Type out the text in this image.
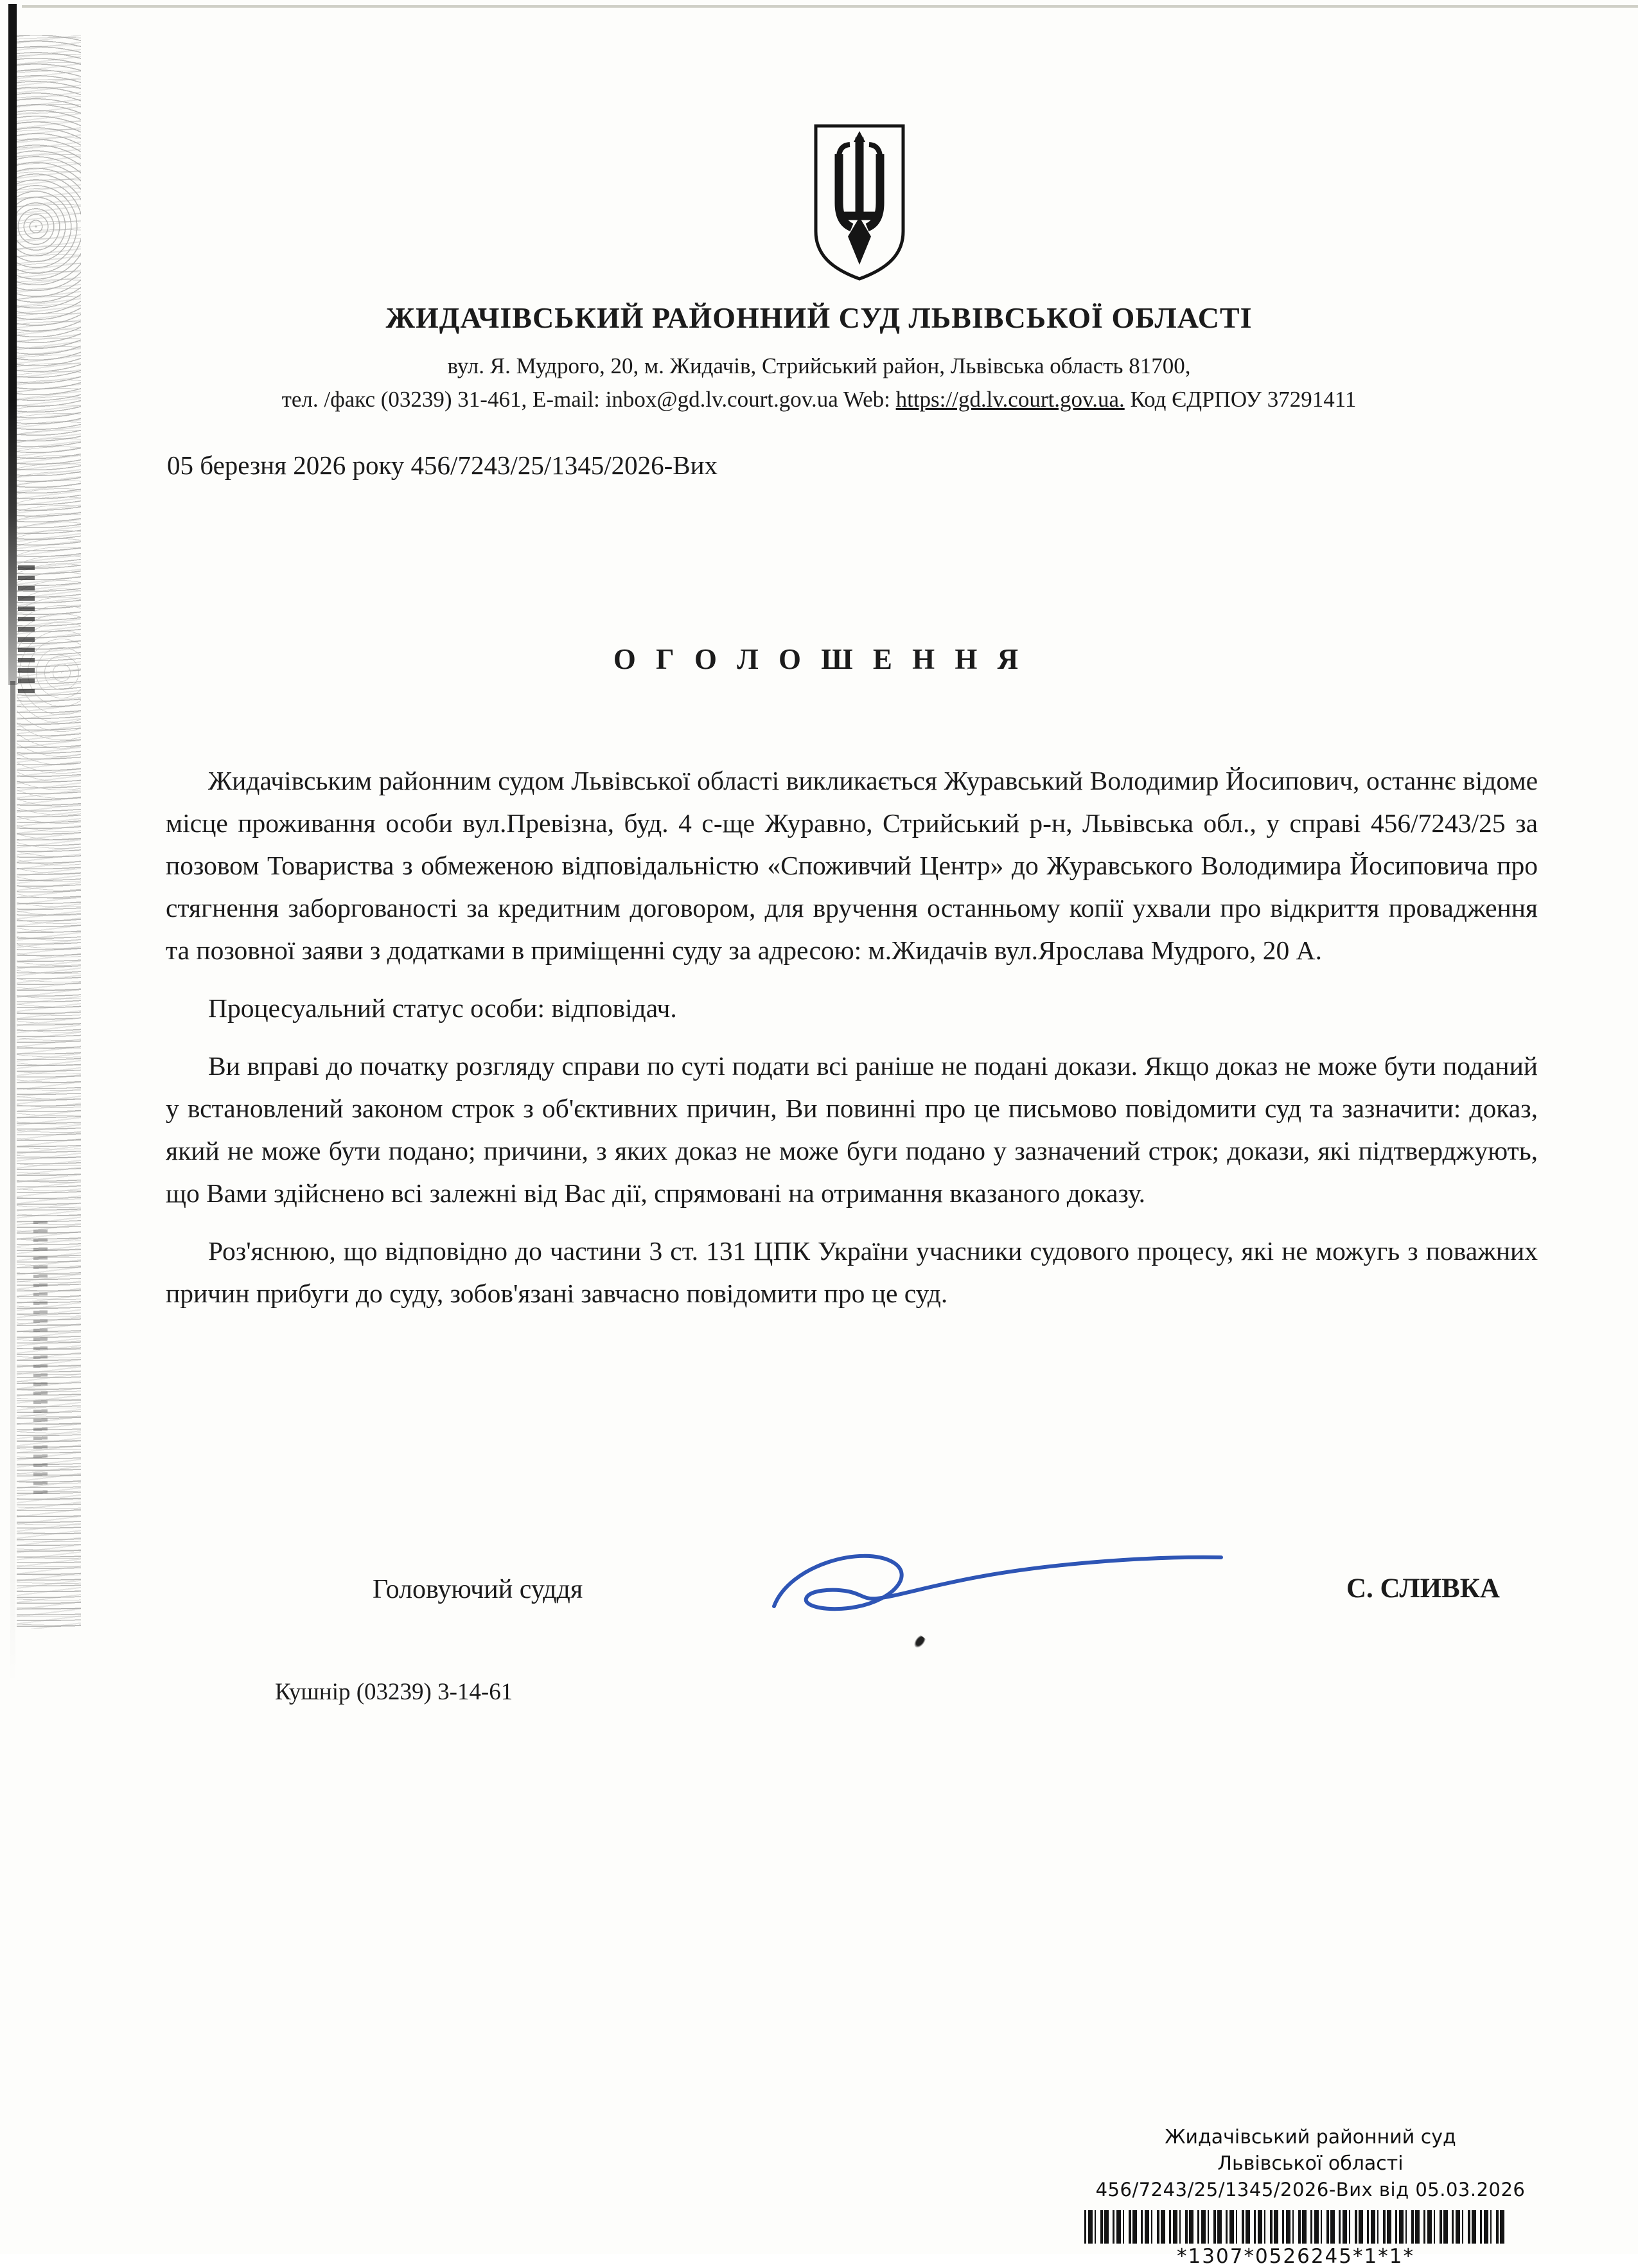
ЖИДАЧІВСЬКИЙ РАЙОННИЙ СУД ЛЬВІВСЬКОЇ ОБЛАСТІ
вул. Я. Мудрого, 20, м. Жидачів, Стрийський район, Львівська область 81700,
тел. /факс (03239) 31-461, E-mail: inbox@gd.lv.court.gov.ua Web: https://gd.lv.court.gov.ua. Код ЄДРПОУ 37291411
05 березня 2026 року 456/7243/25/1345/2026-Вих
О Г О Л О Ш Е Н Н Я

Жидачівським районним судом Львівської області викликається Журавський Володимир Йосипович, останнє відоме місце проживання особи вул.Превізна, буд. 4 с-ще Журавно, Стрийський р-н, Львівська обл., у справі 456/7243/25 за позовом Товариства з обмеженою відповідальністю «Споживчий Центр» до Журавського Володимира Йосиповича про стягнення заборгованості за кредитним договором, для вручення останньому копії ухвали про відкриття провадження та позовної заяви з додатками в приміщенні суду за адресою: м.Жидачів вул.Ярослава Мудрого, 20 А.

Процесуальний статус особи: відповідач.

Ви вправі до початку розгляду справи по суті подати всі раніше не подані докази. Якщо доказ не може бути поданий у встановлений законом строк з об'єктивних причин, Ви повинні про це письмово повідомити суд та зазначити: доказ, який не може бути подано; причини, з яких доказ не може буги подано у зазначений строк; докази, які підтверджують, що Вами здійснено всі залежні від Вас дії, спрямовані на отримання вказаного доказу.

Роз'яснюю, що відповідно до частини 3 ст. 131 ЦПК України учасники судового процесу, які не можугь з поважних причин прибуги до суду, зобов'язані завчасно повідомити про це суд.

Головуючий суддя	С. СЛИВКА
Кушнір (03239) 3-14-61
Жидачівський районний суд
Львівської області
456/7243/25/1345/2026-Вих від 05.03.2026
*1307*0526245*1*1*
